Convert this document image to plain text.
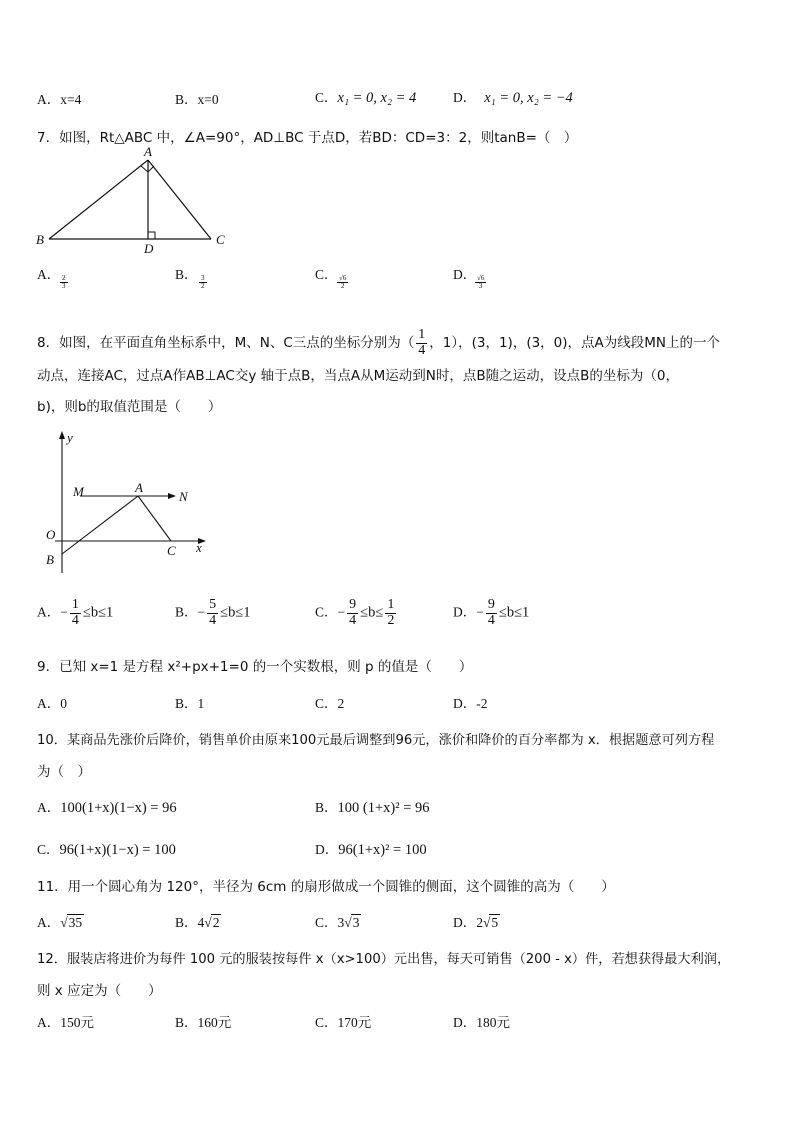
A．x=4	B．x=0	C．x₁ = 0, x₂ = 4	D． x₁ = 0, x₂ = −4
7．如图，Rt△ABC 中，∠A=90°，AD⊥BC 于点D，若BD：CD=3：2，则tanB=（　）
A
B
D
C
A．
$\frac{2}{3}$
B．
$\frac{3}{2}$
C．
$\frac{√6}{2}$
D．
$\frac{√6}{3}$
8．如图，在平面直角坐标系中，M、N、C三点的坐标分别为（ $\frac{1}{4}$ ，1），(3，1)，(3，0)，点A为线段MN上的一个
动点，连接AC，过点A作AB⊥AC交y 轴于点B，当点A从M运动到N时，点B随之运动，设点B的坐标为（0，
b)，则b的取值范围是（　　）
y
M	A
N
O
C x
B
A．− $\frac{1}{4} \le b\le 1$	B．− $\frac{5}{4} \le b\le 1$	C．− $\frac{9}{4} \le b\le \frac{1}{2}$	D．− $\frac{9}{4} \le b\le 1$
9．已知 x=1 是方程 x²+px+1=0 的一个实数根，则 p 的值是（　　）
A．0	B．1	C．2	D．-2
10．某商品先涨价后降价，销售单价由原来100元最后调整到96元，涨价和降价的百分率都为 x．根据题意可列方程
为（　）
A．100(1+x)(1−x) = 96	B．100 (1+x)² = 96
C．96(1+x)(1−x) = 100	D．96(1+x)² = 100
11．用一个圆心角为 120°，半径为 6cm 的扇形做成一个圆锥的侧面，这个圆锥的高为（　　）
A．√35	B．4√2	C．3√3	D．2√5
12．服装店将进价为每件 100 元的服装按每件 x（x>100）元出售，每天可销售（200 - x）件，若想获得最大利润，
则 x 应定为（　　）
A．150元	B．160元	C．170元	D．180元
